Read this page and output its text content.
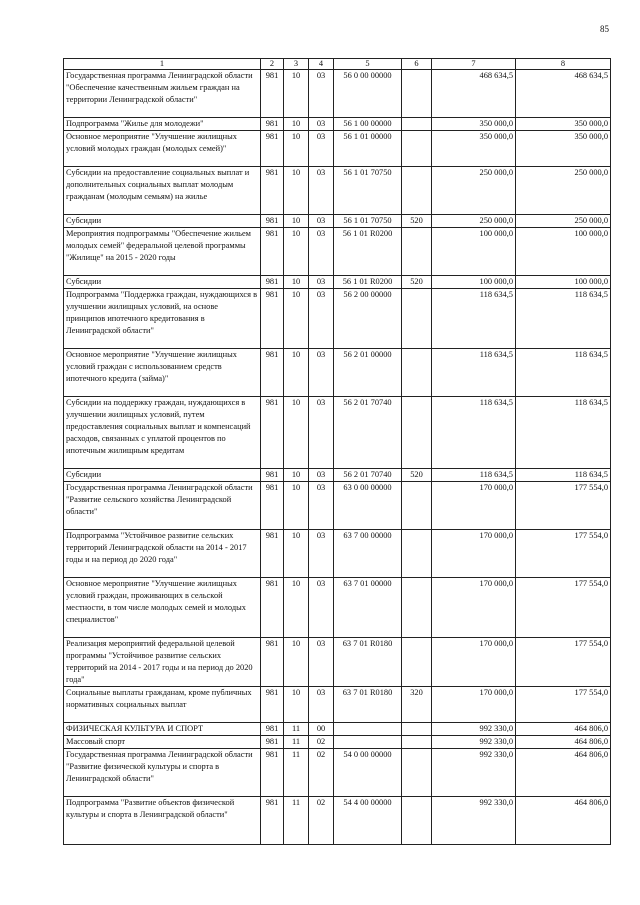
85
1	2	3	4	5	6	7	8
Государственная программа Ленинградской области "Обеспечение качественным жильем граждан на территории Ленинградской области"	981	10	03	56 0 00 00000		468 634,5	468 634,5
Подпрограмма "Жилье для молодежи"	981	10	03	56 1 00 00000		350 000,0	350 000,0
Основное мероприятие "Улучшение жилищных условий молодых граждан (молодых семей)"	981	10	03	56 1 01 00000		350 000,0	350 000,0
Субсидии на предоставление социальных выплат и дополнительных социальных выплат молодым гражданам (молодым семьям) на жилье	981	10	03	56 1 01 70750		250 000,0	250 000,0
Субсидии	981	10	03	56 1 01 70750	520	250 000,0	250 000,0
Мероприятия подпрограммы "Обеспечение жильем молодых семей" федеральной целевой программы "Жилище" на 2015 - 2020 годы	981	10	03	56 1 01 R0200		100 000,0	100 000,0
Субсидии	981	10	03	56 1 01 R0200	520	100 000,0	100 000,0
Подпрограмма "Поддержка граждан, нуждающихся в улучшении жилищных условий, на основе принципов ипотечного кредитования в Ленинградской области"	981	10	03	56 2 00 00000		118 634,5	118 634,5
Основное мероприятие "Улучшение жилищных условий граждан с использованием средств ипотечного кредита (займа)"	981	10	03	56 2 01 00000		118 634,5	118 634,5
Субсидии на поддержку граждан, нуждающихся в улучшении жилищных условий, путем предоставления социальных выплат и компенсаций расходов, связанных с уплатой процентов по ипотечным жилищным кредитам	981	10	03	56 2 01 70740		118 634,5	118 634,5
Субсидии	981	10	03	56 2 01 70740	520	118 634,5	118 634,5
Государственная программа Ленинградской области "Развитие сельского хозяйства Ленинградской области"	981	10	03	63 0 00 00000		170 000,0	177 554,0
Подпрограмма "Устойчивое развитие сельских территорий Ленинградской области на 2014 - 2017 годы и на период до 2020 года"	981	10	03	63 7 00 00000		170 000,0	177 554,0
Основное мероприятие "Улучшение жилищных условий граждан, проживающих в сельской местности, в том числе молодых семей и молодых специалистов"	981	10	03	63 7 01 00000		170 000,0	177 554,0
Реализация мероприятий федеральной целевой программы "Устойчивое развитие сельских территорий на 2014 - 2017 годы и на период до 2020 года"	981	10	03	63 7 01 R0180		170 000,0	177 554,0
Социальные выплаты гражданам, кроме публичных нормативных социальных выплат	981	10	03	63 7 01 R0180	320	170 000,0	177 554,0
ФИЗИЧЕСКАЯ КУЛЬТУРА И СПОРТ	981	11	00			992 330,0	464 806,0
Массовый спорт	981	11	02			992 330,0	464 806,0
Государственная программа Ленинградской области "Развитие физической культуры и спорта в Ленинградской области"	981	11	02	54 0 00 00000		992 330,0	464 806,0
Подпрограмма "Развитие объектов физической культуры и спорта в Ленинградской области"	981	11	02	54 4 00 00000		992 330,0	464 806,0
